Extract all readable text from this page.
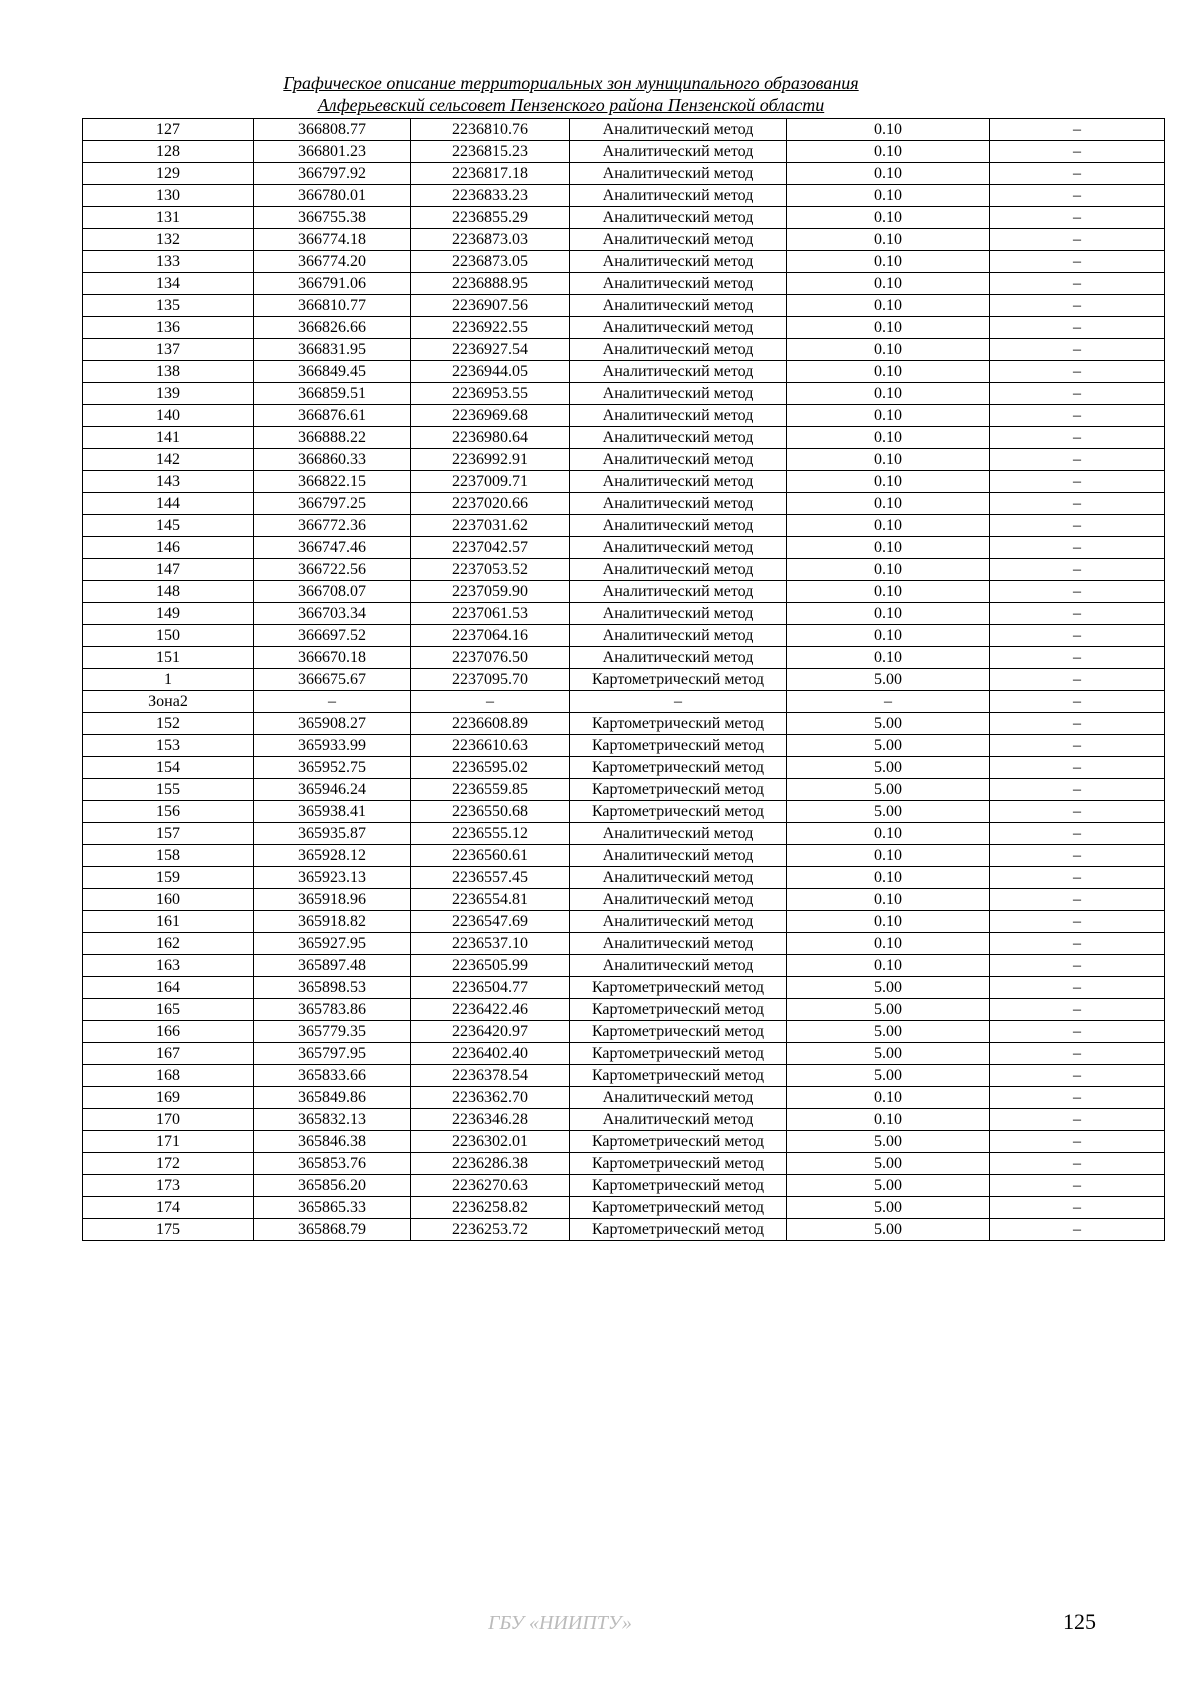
Графическое описание территориальных зон муниципального образования
Алферьевский сельсовет Пензенского района Пензенской области
127	366808.77	2236810.76	Аналитический метод	0.10	–
128	366801.23	2236815.23	Аналитический метод	0.10	–
129	366797.92	2236817.18	Аналитический метод	0.10	–
130	366780.01	2236833.23	Аналитический метод	0.10	–
131	366755.38	2236855.29	Аналитический метод	0.10	–
132	366774.18	2236873.03	Аналитический метод	0.10	–
133	366774.20	2236873.05	Аналитический метод	0.10	–
134	366791.06	2236888.95	Аналитический метод	0.10	–
135	366810.77	2236907.56	Аналитический метод	0.10	–
136	366826.66	2236922.55	Аналитический метод	0.10	–
137	366831.95	2236927.54	Аналитический метод	0.10	–
138	366849.45	2236944.05	Аналитический метод	0.10	–
139	366859.51	2236953.55	Аналитический метод	0.10	–
140	366876.61	2236969.68	Аналитический метод	0.10	–
141	366888.22	2236980.64	Аналитический метод	0.10	–
142	366860.33	2236992.91	Аналитический метод	0.10	–
143	366822.15	2237009.71	Аналитический метод	0.10	–
144	366797.25	2237020.66	Аналитический метод	0.10	–
145	366772.36	2237031.62	Аналитический метод	0.10	–
146	366747.46	2237042.57	Аналитический метод	0.10	–
147	366722.56	2237053.52	Аналитический метод	0.10	–
148	366708.07	2237059.90	Аналитический метод	0.10	–
149	366703.34	2237061.53	Аналитический метод	0.10	–
150	366697.52	2237064.16	Аналитический метод	0.10	–
151	366670.18	2237076.50	Аналитический метод	0.10	–
1	366675.67	2237095.70	Картометрический метод	5.00	–
Зона2	–	–	–	–	–
152	365908.27	2236608.89	Картометрический метод	5.00	–
153	365933.99	2236610.63	Картометрический метод	5.00	–
154	365952.75	2236595.02	Картометрический метод	5.00	–
155	365946.24	2236559.85	Картометрический метод	5.00	–
156	365938.41	2236550.68	Картометрический метод	5.00	–
157	365935.87	2236555.12	Аналитический метод	0.10	–
158	365928.12	2236560.61	Аналитический метод	0.10	–
159	365923.13	2236557.45	Аналитический метод	0.10	–
160	365918.96	2236554.81	Аналитический метод	0.10	–
161	365918.82	2236547.69	Аналитический метод	0.10	–
162	365927.95	2236537.10	Аналитический метод	0.10	–
163	365897.48	2236505.99	Аналитический метод	0.10	–
164	365898.53	2236504.77	Картометрический метод	5.00	–
165	365783.86	2236422.46	Картометрический метод	5.00	–
166	365779.35	2236420.97	Картометрический метод	5.00	–
167	365797.95	2236402.40	Картометрический метод	5.00	–
168	365833.66	2236378.54	Картометрический метод	5.00	–
169	365849.86	2236362.70	Аналитический метод	0.10	–
170	365832.13	2236346.28	Аналитический метод	0.10	–
171	365846.38	2236302.01	Картометрический метод	5.00	–
172	365853.76	2236286.38	Картометрический метод	5.00	–
173	365856.20	2236270.63	Картометрический метод	5.00	–
174	365865.33	2236258.82	Картометрический метод	5.00	–
175	365868.79	2236253.72	Картометрический метод	5.00	–
ГБУ «НИИПТУ»	125
